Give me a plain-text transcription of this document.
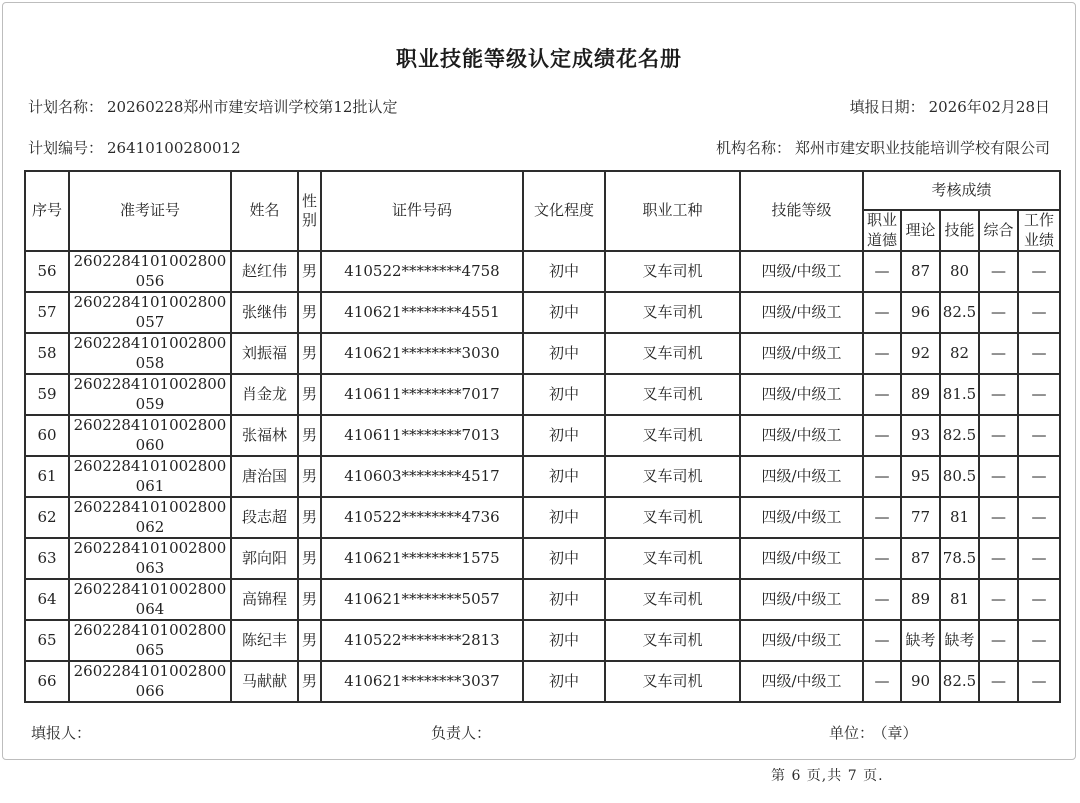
职业技能等级认定成绩花名册
计划名称： 20260228郑州市建安培训学校第12批认定	填报日期： 2026年02月28日
计划编号： 26410100280012	机构名称： 郑州市建安职业技能培训学校有限公司
序号	准考证号	姓名	性别	证件号码	文化程度	职业工种	技能等级	考核成绩				
								职业道德	理论	技能	综合	工作业绩
56	2602284101002800056	赵红伟	男	410522********4758	初中	叉车司机	四级/中级工	—	87	80	—	—
57	2602284101002800057	张继伟	男	410621********4551	初中	叉车司机	四级/中级工	—	96	82.5	—	—
58	2602284101002800058	刘振福	男	410621********3030	初中	叉车司机	四级/中级工	—	92	82	—	—
59	2602284101002800059	肖金龙	男	410611********7017	初中	叉车司机	四级/中级工	—	89	81.5	—	—
60	2602284101002800060	张福林	男	410611********7013	初中	叉车司机	四级/中级工	—	93	82.5	—	—
61	2602284101002800061	唐治国	男	410603********4517	初中	叉车司机	四级/中级工	—	95	80.5	—	—
62	2602284101002800062	段志超	男	410522********4736	初中	叉车司机	四级/中级工	—	77	81	—	—
63	2602284101002800063	郭向阳	男	410621********1575	初中	叉车司机	四级/中级工	—	87	78.5	—	—
64	2602284101002800064	高锦程	男	410621********5057	初中	叉车司机	四级/中级工	—	89	81	—	—
65	2602284101002800065	陈纪丰	男	410522********2813	初中	叉车司机	四级/中级工	—	缺考	缺考	—	—
66	2602284101002800066	马献献	男	410621********3037	初中	叉车司机	四级/中级工	—	90	82.5	—	—
填报人：	负责人：	单位： （章）
第 6 页,共 7 页.
